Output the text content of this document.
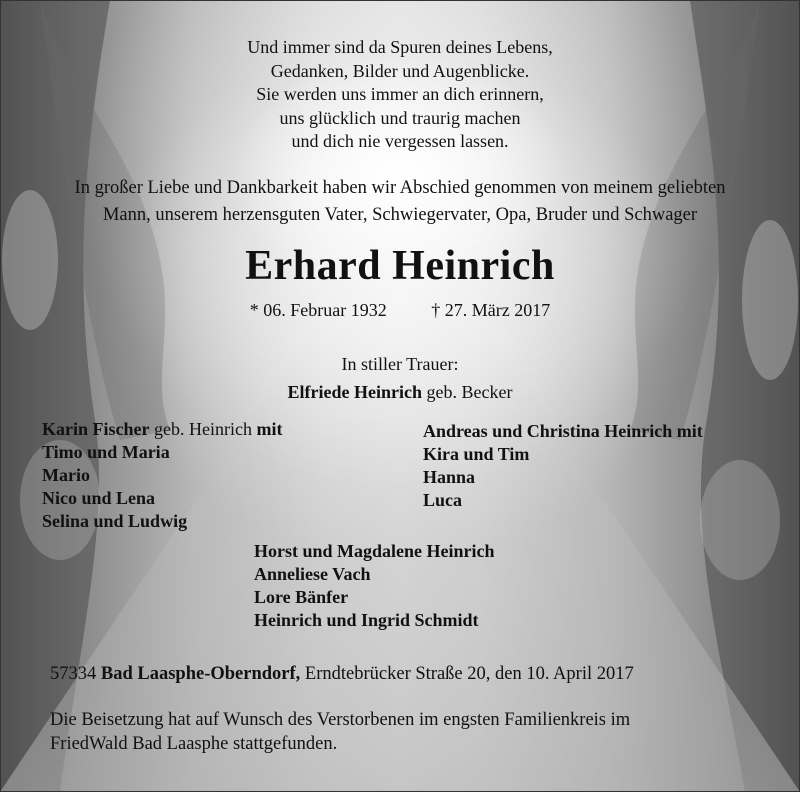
Und immer sind da Spuren deines Lebens,
Gedanken, Bilder und Augenblicke.
Sie werden uns immer an dich erinnern,
uns glücklich und traurig machen
und dich nie vergessen lassen.
In großer Liebe und Dankbarkeit haben wir Abschied genommen von meinem geliebten
Mann, unserem herzensguten Vater, Schwiegervater, Opa, Bruder und Schwager
Erhard Heinrich
* 06. Februar 1932 † 27. März 2017
In stiller Trauer:
Elfriede Heinrich geb. Becker
Karin Fischer geb. Heinrich mit
Timo und Maria
Mario
Nico und Lena
Selina und Ludwig
Andreas und Christina Heinrich mit
Kira und Tim
Hanna
Luca
Horst und Magdalene Heinrich
Anneliese Vach
Lore Bänfer
Heinrich und Ingrid Schmidt
57334 Bad Laasphe-Oberndorf, Erndtebrücker Straße 20, den 10. April 2017
Die Beisetzung hat auf Wunsch des Verstorbenen im engsten Familienkreis im
FriedWald Bad Laasphe stattgefunden.
